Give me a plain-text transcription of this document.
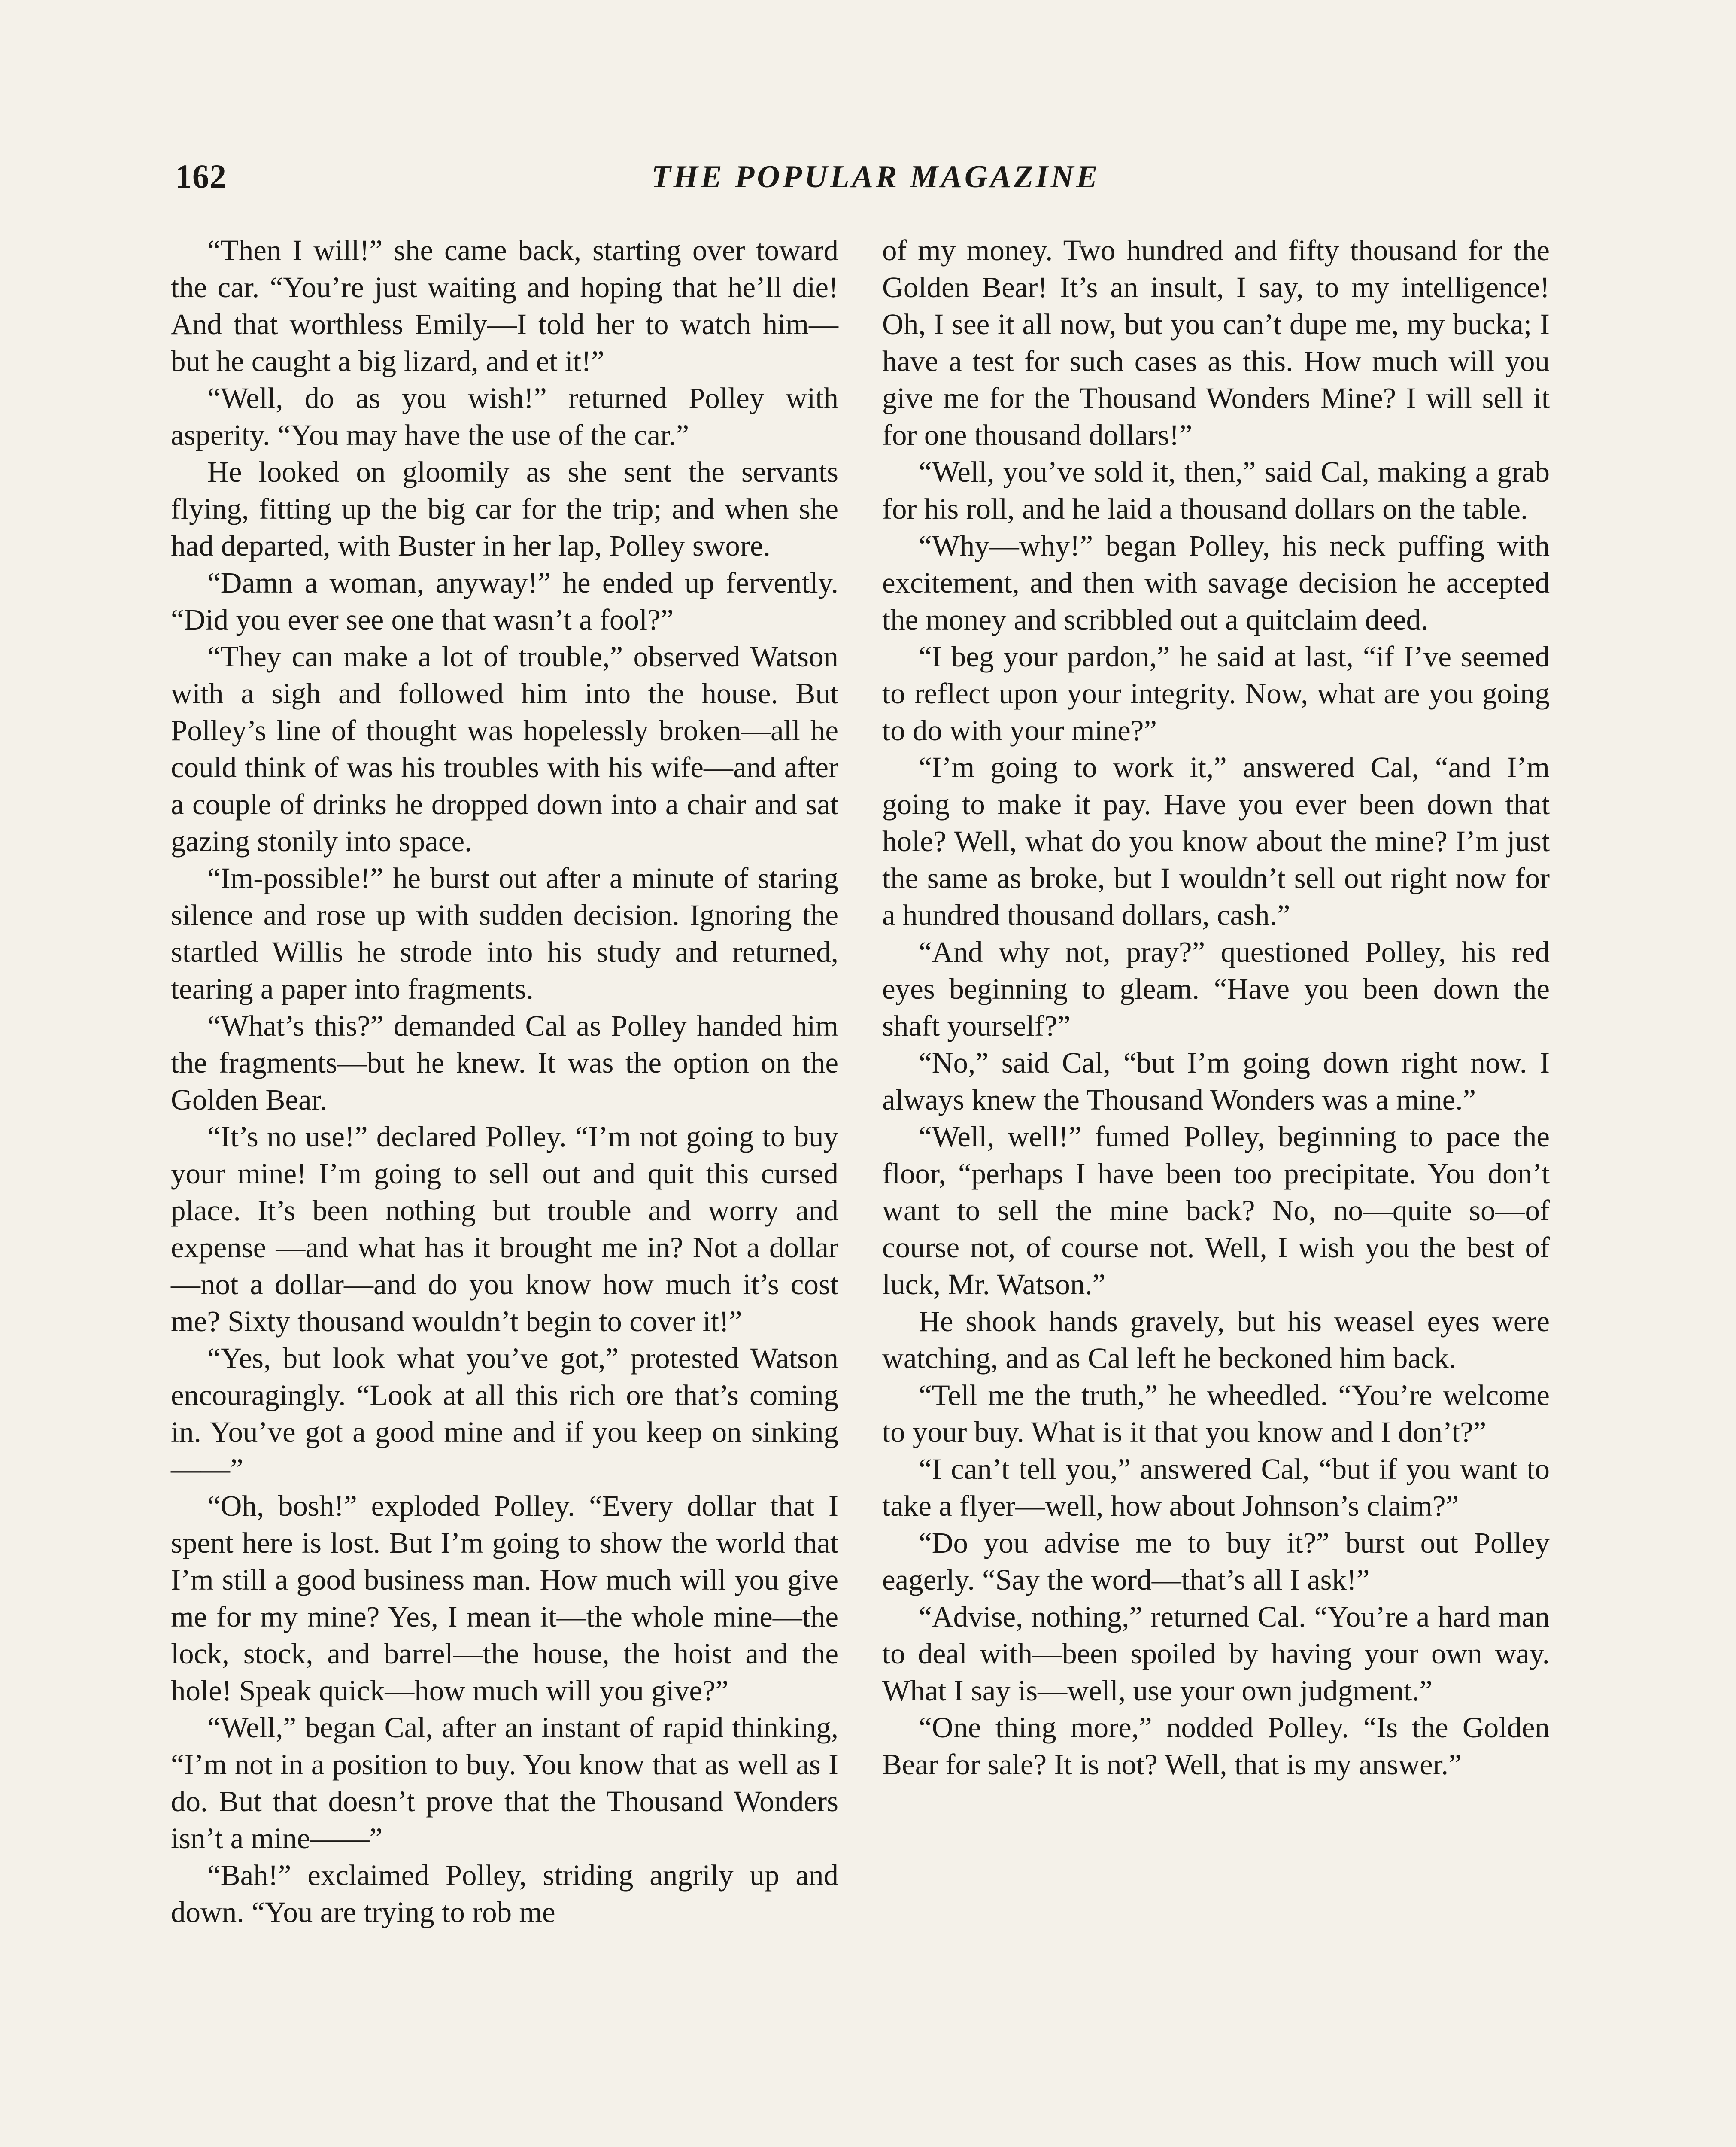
162	THE POPULAR MAGAZINE

“Then I will!” she came back, starting over toward the car. “You’re just waiting and hoping that he’ll die! And that worthless Emily—I told her to watch him—but he caught a big lizard, and et it!”

“Well, do as you wish!” returned Polley with asperity. “You may have the use of the car.”

He looked on gloomily as she sent the servants flying, fitting up the big car for the trip; and when she had departed, with Buster in her lap, Polley swore.

“Damn a woman, anyway!” he ended up fervently. “Did you ever see one that wasn’t a fool?”

“They can make a lot of trouble,” observed Watson with a sigh and followed him into the house. But Polley’s line of thought was hopelessly broken—all he could think of was his troubles with his wife—and after a couple of drinks he dropped down into a chair and sat gazing stonily into space.

“Im-possible!” he burst out after a minute of staring silence and rose up with sudden decision. Ignoring the startled Willis he strode into his study and returned, tearing a paper into fragments.

“What’s this?” demanded Cal as Polley handed him the fragments—but he knew. It was the option on the Golden Bear.

“It’s no use!” declared Polley. “I’m not going to buy your mine! I’m going to sell out and quit this cursed place. It’s been nothing but trouble and worry and expense —and what has it brought me in? Not a dollar—not a dollar—and do you know how much it’s cost me? Sixty thousand wouldn’t begin to cover it!”

“Yes, but look what you’ve got,” protested Watson encouragingly. “Look at all this rich ore that’s coming in. You’ve got a good mine and if you keep on sinking——”

“Oh, bosh!” exploded Polley. “Every dollar that I spent here is lost. But I’m going to show the world that I’m still a good business man. How much will you give me for my mine? Yes, I mean it—the whole mine—the lock, stock, and barrel—the house, the hoist and the hole! Speak quick—how much will you give?”

“Well,” began Cal, after an instant of rapid thinking, “I’m not in a position to buy. You know that as well as I do. But that doesn’t prove that the Thousand Wonders isn’t a mine——”

“Bah!” exclaimed Polley, striding angrily up and down. “You are trying to rob me

of my money. Two hundred and fifty thousand for the Golden Bear! It’s an insult, I say, to my intelligence! Oh, I see it all now, but you can’t dupe me, my bucka; I have a test for such cases as this. How much will you give me for the Thousand Wonders Mine? I will sell it for one thousand dollars!”

“Well, you’ve sold it, then,” said Cal, making a grab for his roll, and he laid a thousand dollars on the table.

“Why—why!” began Polley, his neck puffing with excitement, and then with savage decision he accepted the money and scribbled out a quitclaim deed.

“I beg your pardon,” he said at last, “if I’ve seemed to reflect upon your integrity. Now, what are you going to do with your mine?”

“I’m going to work it,” answered Cal, “and I’m going to make it pay. Have you ever been down that hole? Well, what do you know about the mine? I’m just the same as broke, but I wouldn’t sell out right now for a hundred thousand dollars, cash.”

“And why not, pray?” questioned Polley, his red eyes beginning to gleam. “Have you been down the shaft yourself?”

“No,” said Cal, “but I’m going down right now. I always knew the Thousand Wonders was a mine.”

“Well, well!” fumed Polley, beginning to pace the floor, “perhaps I have been too precipitate. You don’t want to sell the mine back? No, no—quite so—of course not, of course not. Well, I wish you the best of luck, Mr. Watson.”

He shook hands gravely, but his weasel eyes were watching, and as Cal left he beckoned him back.

“Tell me the truth,” he wheedled. “You’re welcome to your buy. What is it that you know and I don’t?”

“I can’t tell you,” answered Cal, “but if you want to take a flyer—well, how about Johnson’s claim?”

“Do you advise me to buy it?” burst out Polley eagerly. “Say the word—that’s all I ask!”

“Advise, nothing,” returned Cal. “You’re a hard man to deal with—been spoiled by having your own way. What I say is—well, use your own judgment.”

“One thing more,” nodded Polley. “Is the Golden Bear for sale? It is not? Well, that is my answer.”
